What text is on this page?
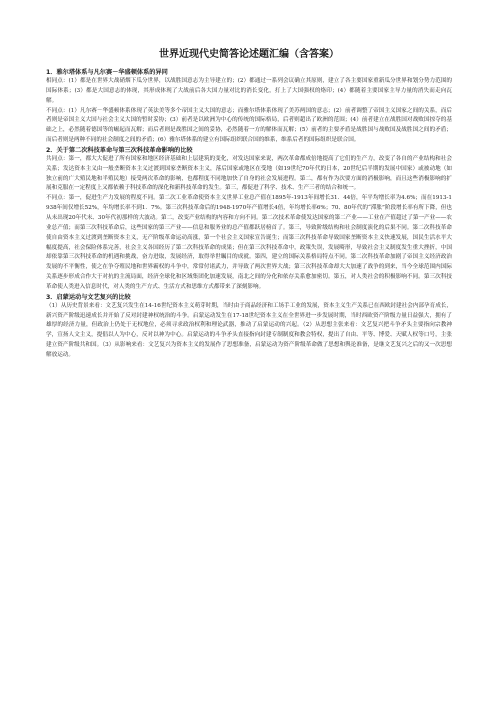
世界近现代史简答论述题汇编（含答案）
1．雅尔塔体系与凡尔赛－华盛顿体系的异同

相同点：(1）都是在世界大战硝烟下瓜分世界，以战胜国意志为主导建立的；(2）都通过一系列会议确立其原则，建立了各主要国家重新瓜分世界和划分势力范围的国际体系；(3）都是大国意志的体现，其形成体现了大战前后各大国力量对比的消长变化，打上了大国强权的烙印；(4）都随着主要国家主导力量的消失而走向瓦解。

不同点：(1）凡尔赛－华盛顿体系体现了英法美等多个帝国主义大国的意志；而雅尔塔体系体现了美苏两国的意志；(2）前者调整了帝国主义国家之间的关系，而后者则是帝国主义大国与社会主义大国的暂时妥协；(3）前者是以欧洲为中心的传统的国际格局，后者则超出了欧洲的范围；(4）前者建立在战胜国对战败国掠夺的基础之上，必然随着德国等的崛起而瓦解；而后者则是战胜国之间的妥协，必然随着一方的解体而瓦解；(5）前者的主要矛盾是战胜国与战败国及战胜国之间的矛盾；而后者则是两种不同的社会制度之间的矛盾；(6）雅尔塔体系的建立有国际组织联合国的维系，维系后者的国际组织是联合国。

2．关于第二次科技革命与第三次科技革命影响的比较

共同点：第一，都大大促进了所有国家和地区经济基础和上层建筑的变化，对发达国家来说，两次革命都成倍地提高了它们的生产力，改变了各自的产业结构和社会关系；发达资本主义由一般垄断资本主义过渡到国家垄断资本主义，落后国家或地区在受地（如19世纪70年代的日本，20世纪后半期的发展中国家）或被动地（如独立前的广大殖民地和半殖民地）接受两次革命的影响，也都程度不同地加快了自身的社会发展进程。第二，都有作为次要方面的消极影响，而且这些消极影响的扩展和克服在一定程度上又都依赖于科技革命的深化和新科技革命的发生。第三，都促进了科学、技术、生产三者的结合和统一。

不同点：第一，促进生产力发展的程度不同。第二次工业革命使资本主义世界工业总产值在1895年-1913年间增长31．44倍，年平均增长率为4.6%；而在1913-1938年间仅增长52%，年均增长率不到1．7%。第三次科技革命后的1948-1970年产值增长4倍，年均增长率6%；70、80年代的“滞胀”阶段增长率有所下降，但也从未出现20年代末、30年代初那样的大波动。第二，改变产业结构的内容和方向不同。第二次技术革命使发达国家的第二产业——工业在产值超过了第一产业——农业总产值；而第三次科技革命后，这些国家的第三产业——信息和服务业的总产值都跃居榜首了。第三，导致阶级结构和社会制度演化的后果不同。第二次科技革命使自由资本主义过渡到垄断资本主义，无产阶级革命运动高涨，第一个社会主义国家宣告诞生；而第三次科技革命导致国家垄断资本主义快速发展，国民生活水平大幅度提高，社会保险体系完善，社会主义各国经历了第二次科技革命的成果；但在第三次科技革命中，政策失误，发展畸形，导致社会主义制度发生重大挫折，中国却依靠第三次科技革命的机遇和挑战，奋力进取，发展经济，取得举世瞩目的成就。第四，建立的国际关系格局特点不同。第二次科技革命加剧了帝国主义经济政治发展的不平衡性，使之在争夺殖民地和世界霸权的斗争中，常常付诸武力，并导致了两次世界大战；第三次科技革命却大大加速了战争的到来，当今全球范围内国际关系逐步形成合作大于对抗的主流局面，经济全球化和区域集团化加速发展，南北之间的分化和依存关系愈加密切。第五，对人类社会的积极影响不同。第三次科技革命使人类进入信息时代，对人类的生产方式、生活方式和思维方式都带来了深刻影响。

3．启蒙运动与文艺复兴的比较

（1）从历史背景来看：文艺复兴发生在14-16世纪资本主义萌芽时期，当时由于商品经济和工场手工业的发展，资本主义生产关系已在西欧封建社会内部孕育成长，新兴资产阶级迅速成长并开始了反对封建神权统治的斗争。启蒙运动发生在17-18世纪资本主义在全世界进一步发展时期，当时西欧资产阶级力量日益强大，拥有了雄厚的经济力量，但政治上仍处于无权地位，必须寻求政治权利和理论武器，推动了启蒙运动的兴起。（2）从思想主张来看：文艺复兴把斗争矛头主要指向宗教神学，宣扬人文主义，提倡以人为中心，反对以神为中心。启蒙运动的斗争矛头直接指向封建专制制度和教会特权，提出了自由、平等、博爱、天赋人权等口号，主张建立资产阶级共和国。（3）从影响来看：文艺复兴为资本主义的发展作了思想准备，启蒙运动为资产阶级革命做了思想和舆论准备，是继文艺复兴之后的又一次思想解放运动。
